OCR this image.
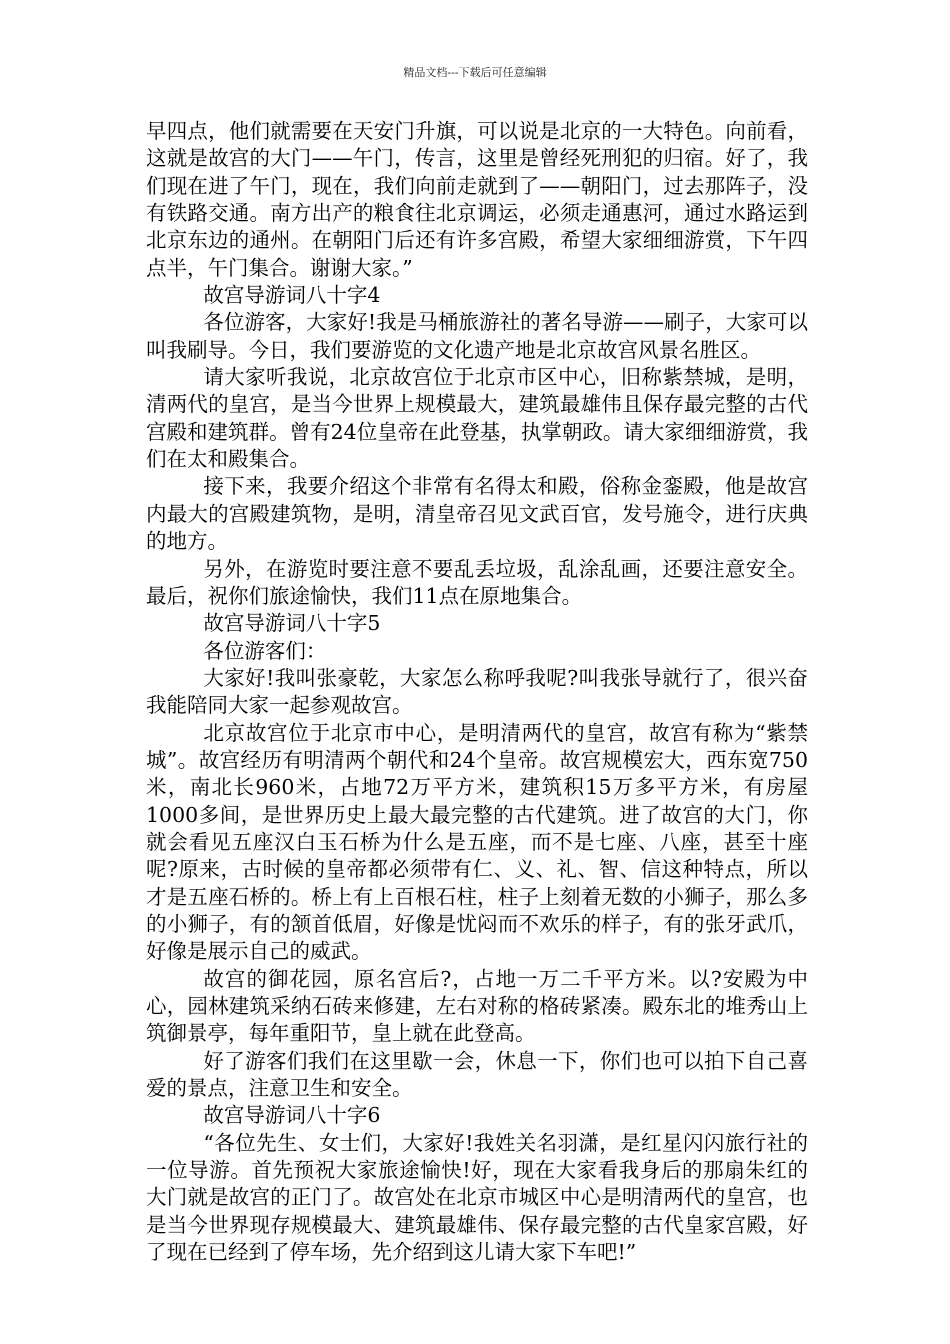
精品文档---下载后可任意编辑

早四点，他们就需要在天安门升旗，可以说是北京的一大特色。向前看，这就是故宫的大门——午门，传言，这里是曾经死刑犯的归宿。好了，我们现在进了午门，现在，我们向前走就到了——朝阳门，过去那阵子，没有铁路交通。南方出产的粮食往北京调运，必须走通惠河，通过水路运到北京东边的通州。在朝阳门后还有许多宫殿，希望大家细细游赏，下午四点半，午门集合。谢谢大家。”

故宫导游词八十字4

各位游客，大家好!我是马桶旅游社的著名导游——刷子，大家可以叫我刷导。今日，我们要游览的文化遗产地是北京故宫风景名胜区。

请大家听我说，北京故宫位于北京市区中心，旧称紫禁城，是明，清两代的皇宫，是当今世界上规模最大，建筑最雄伟且保存最完整的古代宫殿和建筑群。曾有24位皇帝在此登基，执掌朝政。请大家细细游赏，我们在太和殿集合。

接下来，我要介绍这个非常有名得太和殿，俗称金銮殿，他是故宫内最大的宫殿建筑物，是明，清皇帝召见文武百官，发号施令，进行庆典的地方。

另外，在游览时要注意不要乱丢垃圾，乱涂乱画，还要注意安全。最后，祝你们旅途愉快，我们11点在原地集合。

故宫导游词八十字5

各位游客们：

大家好!我叫张豪乾，大家怎么称呼我呢?叫我张导就行了，很兴奋我能陪同大家一起参观故宫。

北京故宫位于北京市中心，是明清两代的皇宫，故宫有称为“紫禁城”。故宫经历有明清两个朝代和24个皇帝。故宫规模宏大，西东宽750米，南北长960米，占地72万平方米，建筑积15万多平方米，有房屋1000多间，是世界历史上最大最完整的古代建筑。进了故宫的大门，你就会看见五座汉白玉石桥为什么是五座，而不是七座、八座，甚至十座呢?原来，古时候的皇帝都必须带有仁、义、礼、智、信这种特点，所以才是五座石桥的。桥上有上百根石柱，柱子上刻着无数的小狮子，那么多的小狮子，有的颔首低眉，好像是忧闷而不欢乐的样子，有的张牙武爪，好像是展示自己的威武。

故宫的御花园，原名宫后?，占地一万二千平方米。以?安殿为中心，园林建筑采纳石砖来修建，左右对称的格砖紧凑。殿东北的堆秀山上筑御景亭，每年重阳节，皇上就在此登高。

好了游客们我们在这里歇一会，休息一下，你们也可以拍下自己喜爱的景点，注意卫生和安全。

故宫导游词八十字6

“各位先生、女士们，大家好!我姓关名羽潇，是红星闪闪旅行社的一位导游。首先预祝大家旅途愉快!好，现在大家看我身后的那扇朱红的大门就是故宫的正门了。故宫处在北京市城区中心是明清两代的皇宫，也是当今世界现存规模最大、建筑最雄伟、保存最完整的古代皇家宫殿，好了现在已经到了停车场，先介绍到这儿请大家下车吧!”
